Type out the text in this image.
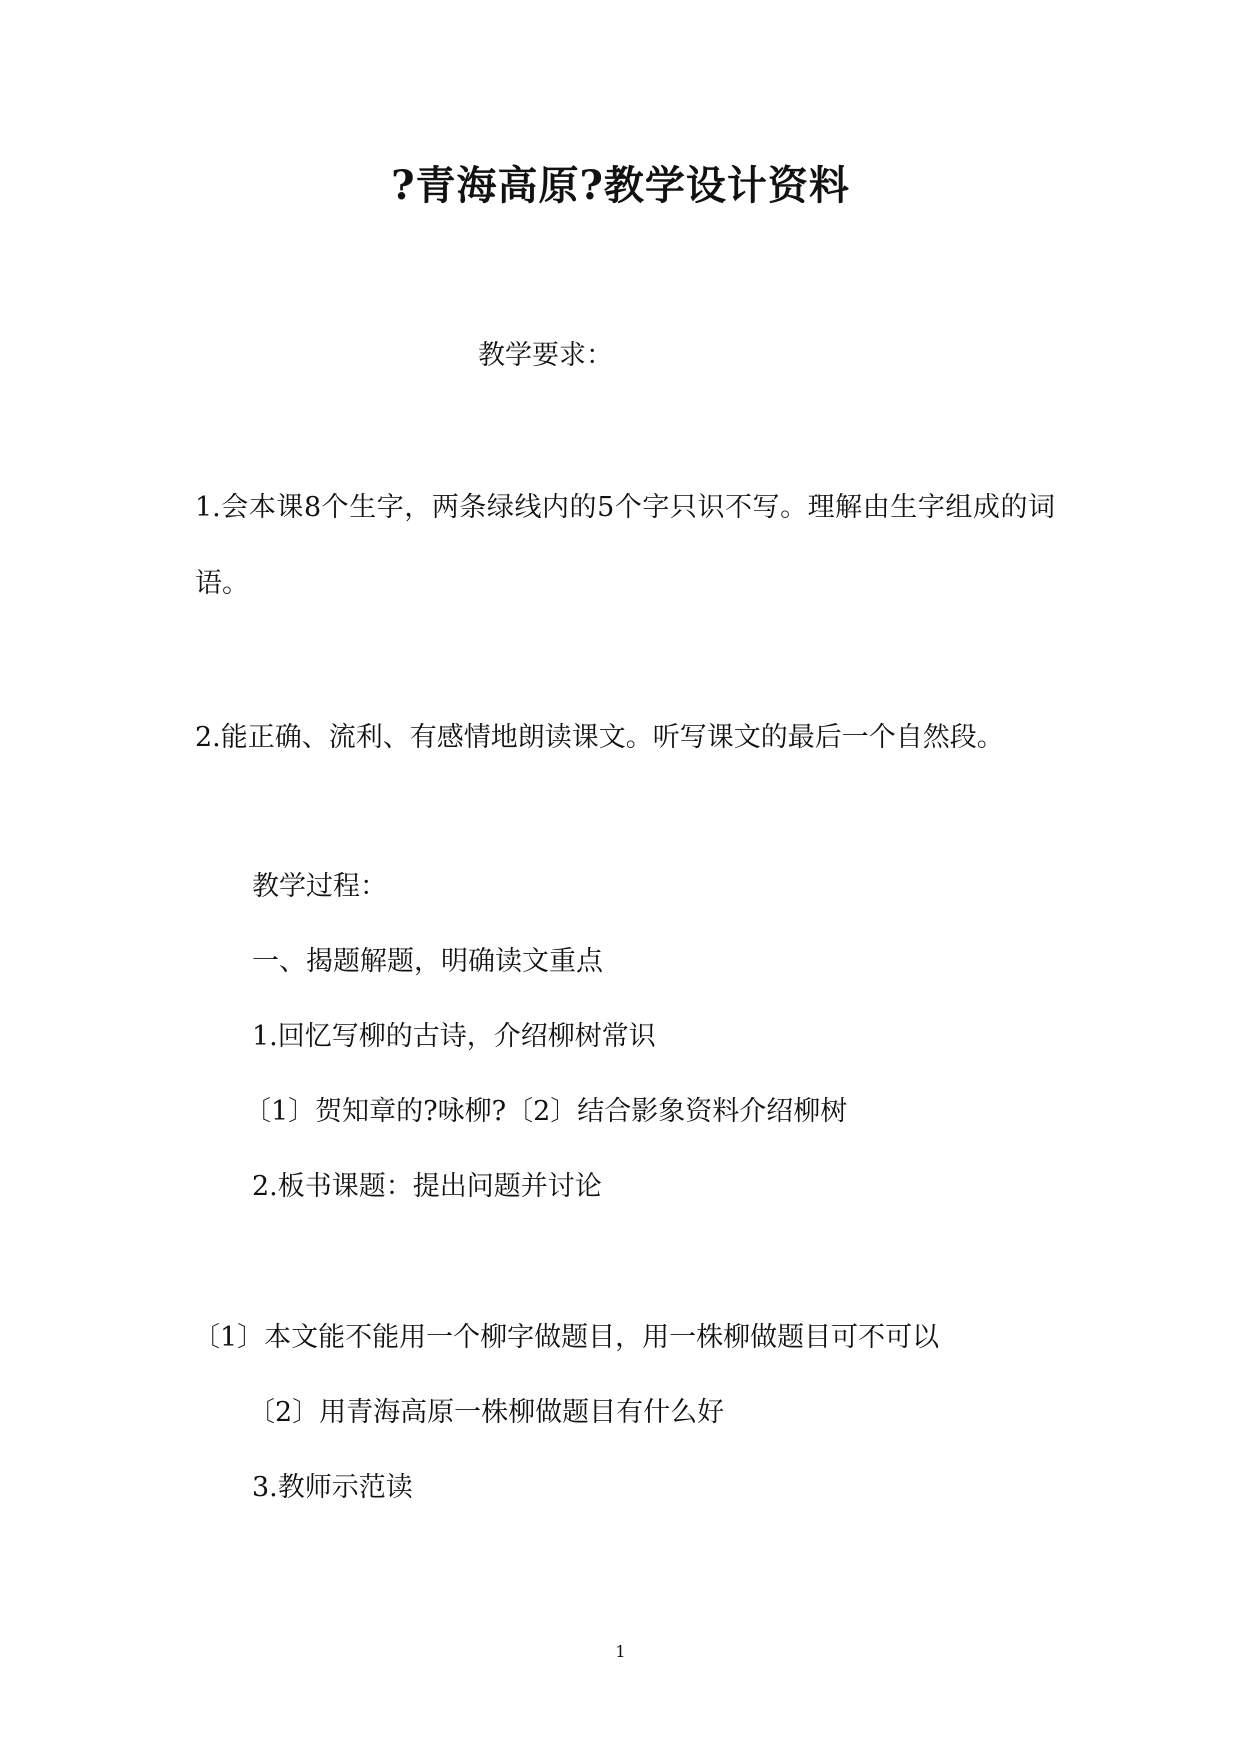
?青海高原?教学设计资料
教学要求：
1.会本课8个生字，两条绿线内的5个字只识不写。理解由生字组成的词语。
2.能正确、流利、有感情地朗读课文。听写课文的最后一个自然段。
教学过程：
一、揭题解题，明确读文重点
1.回忆写柳的古诗，介绍柳树常识
〔1〕贺知章的?咏柳?〔2〕结合影象资料介绍柳树
2.板书课题：提出问题并讨论
〔1〕本文能不能用一个柳字做题目，用一株柳做题目可不可以
〔2〕用青海高原一株柳做题目有什么好
3.教师示范读
1
